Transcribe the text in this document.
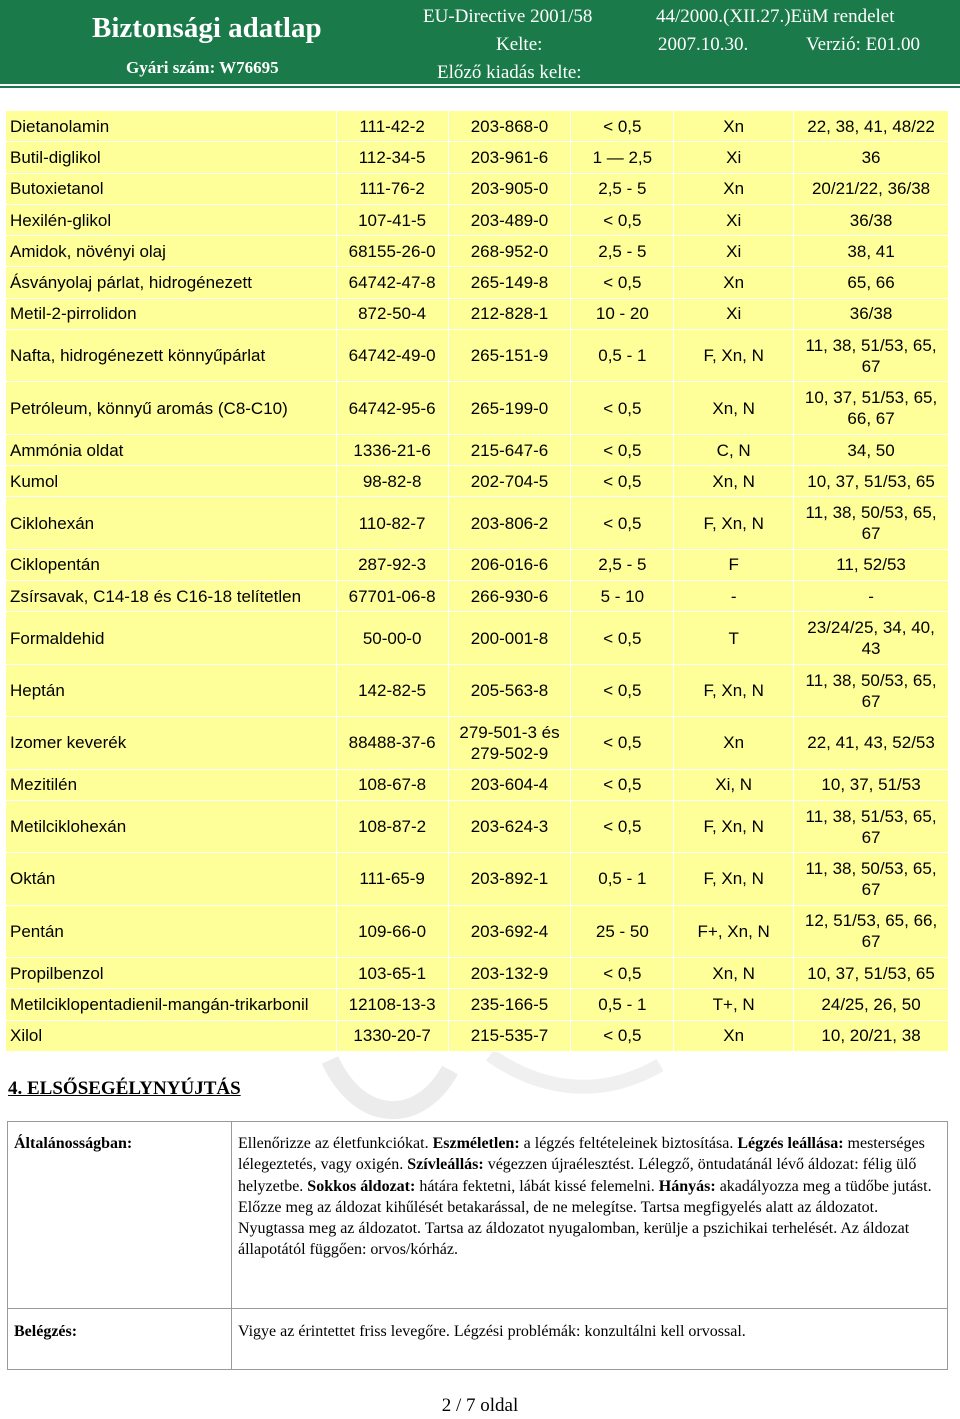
Biztonsági adatlap
Gyári szám: W76695
EU-Directive 2001/58	44/2000.(XII.27.)EüM rendelet
Kelte:	2007.10.30.	Verzió: E01.00
Előző kiadás kelte:
Dietanolamin	111-42-2	203-868-0	< 0,5	Xn	22, 38, 41, 48/22
Butil-diglikol	112-34-5	203-961-6	1 — 2,5	Xi	36
Butoxietanol	111-76-2	203-905-0	2,5 - 5	Xn	20/21/22, 36/38
Hexilén-glikol	107-41-5	203-489-0	< 0,5	Xi	36/38
Amidok, növényi olaj	68155-26-0	268-952-0	2,5 - 5	Xi	38, 41
Ásványolaj párlat, hidrogénezett	64742-47-8	265-149-8	< 0,5	Xn	65, 66
Metil-2-pirrolidon	872-50-4	212-828-1	10 - 20	Xi	36/38
Nafta, hidrogénezett könnyűpárlat	64742-49-0	265-151-9	0,5 - 1	F, Xn, N	11, 38, 51/53, 65, 67
Petróleum, könnyű aromás (C8-C10)	64742-95-6	265-199-0	< 0,5	Xn, N	10, 37, 51/53, 65, 66, 67
Ammónia oldat	1336-21-6	215-647-6	< 0,5	C, N	34, 50
Kumol	98-82-8	202-704-5	< 0,5	Xn, N	10, 37, 51/53, 65
Ciklohexán	110-82-7	203-806-2	< 0,5	F, Xn, N	11, 38, 50/53, 65, 67
Ciklopentán	287-92-3	206-016-6	2,5 - 5	F	11, 52/53
Zsírsavak, C14-18 és C16-18 telítetlen	67701-06-8	266-930-6	5 - 10	-	-
Formaldehid	50-00-0	200-001-8	< 0,5	T	23/24/25, 34, 40, 43
Heptán	142-82-5	205-563-8	< 0,5	F, Xn, N	11, 38, 50/53, 65, 67
Izomer keverék	88488-37-6	279-501-3 és 279-502-9	< 0,5	Xn	22, 41, 43, 52/53
Mezitilén	108-67-8	203-604-4	< 0,5	Xi, N	10, 37, 51/53
Metilciklohexán	108-87-2	203-624-3	< 0,5	F, Xn, N	11, 38, 51/53, 65, 67
Oktán	111-65-9	203-892-1	0,5 - 1	F, Xn, N	11, 38, 50/53, 65, 67
Pentán	109-66-0	203-692-4	25 - 50	F+, Xn, N	12, 51/53, 65, 66, 67
Propilbenzol	103-65-1	203-132-9	< 0,5	Xn, N	10, 37, 51/53, 65
Metilciklopentadienil-mangán-trikarbonil	12108-13-3	235-166-5	0,5 - 1	T+, N	24/25, 26, 50
Xilol	1330-20-7	215-535-7	< 0,5	Xn	10, 20/21, 38
4. ELSŐSEGÉLYNYÚJTÁS
Általánosságban:	Ellenőrizze az életfunkciókat. Eszméletlen: a légzés feltételeinek biztosítása. Légzés leállása: mesterséges lélegeztetés, vagy oxigén. Szívleállás: végezzen újraélesztést. Lélegző, öntudatánál lévő áldozat: félig ülő helyzetbe. Sokkos áldozat: hátára fektetni, lábát kissé felemelni. Hányás: akadályozza meg a tüdőbe jutást. Előzze meg az áldozat kihűlését betakarással, de ne melegítse. Tartsa megfigyelés alatt az áldozatot. Nyugtassa meg az áldozatot. Tartsa az áldozatot nyugalomban, kerülje a pszichikai terhelését. Az áldozat állapotától függően: orvos/kórház.
Belégzés:	Vigye az érintettet friss levegőre. Légzési problémák: konzultálni kell orvossal.
2 / 7 oldal
